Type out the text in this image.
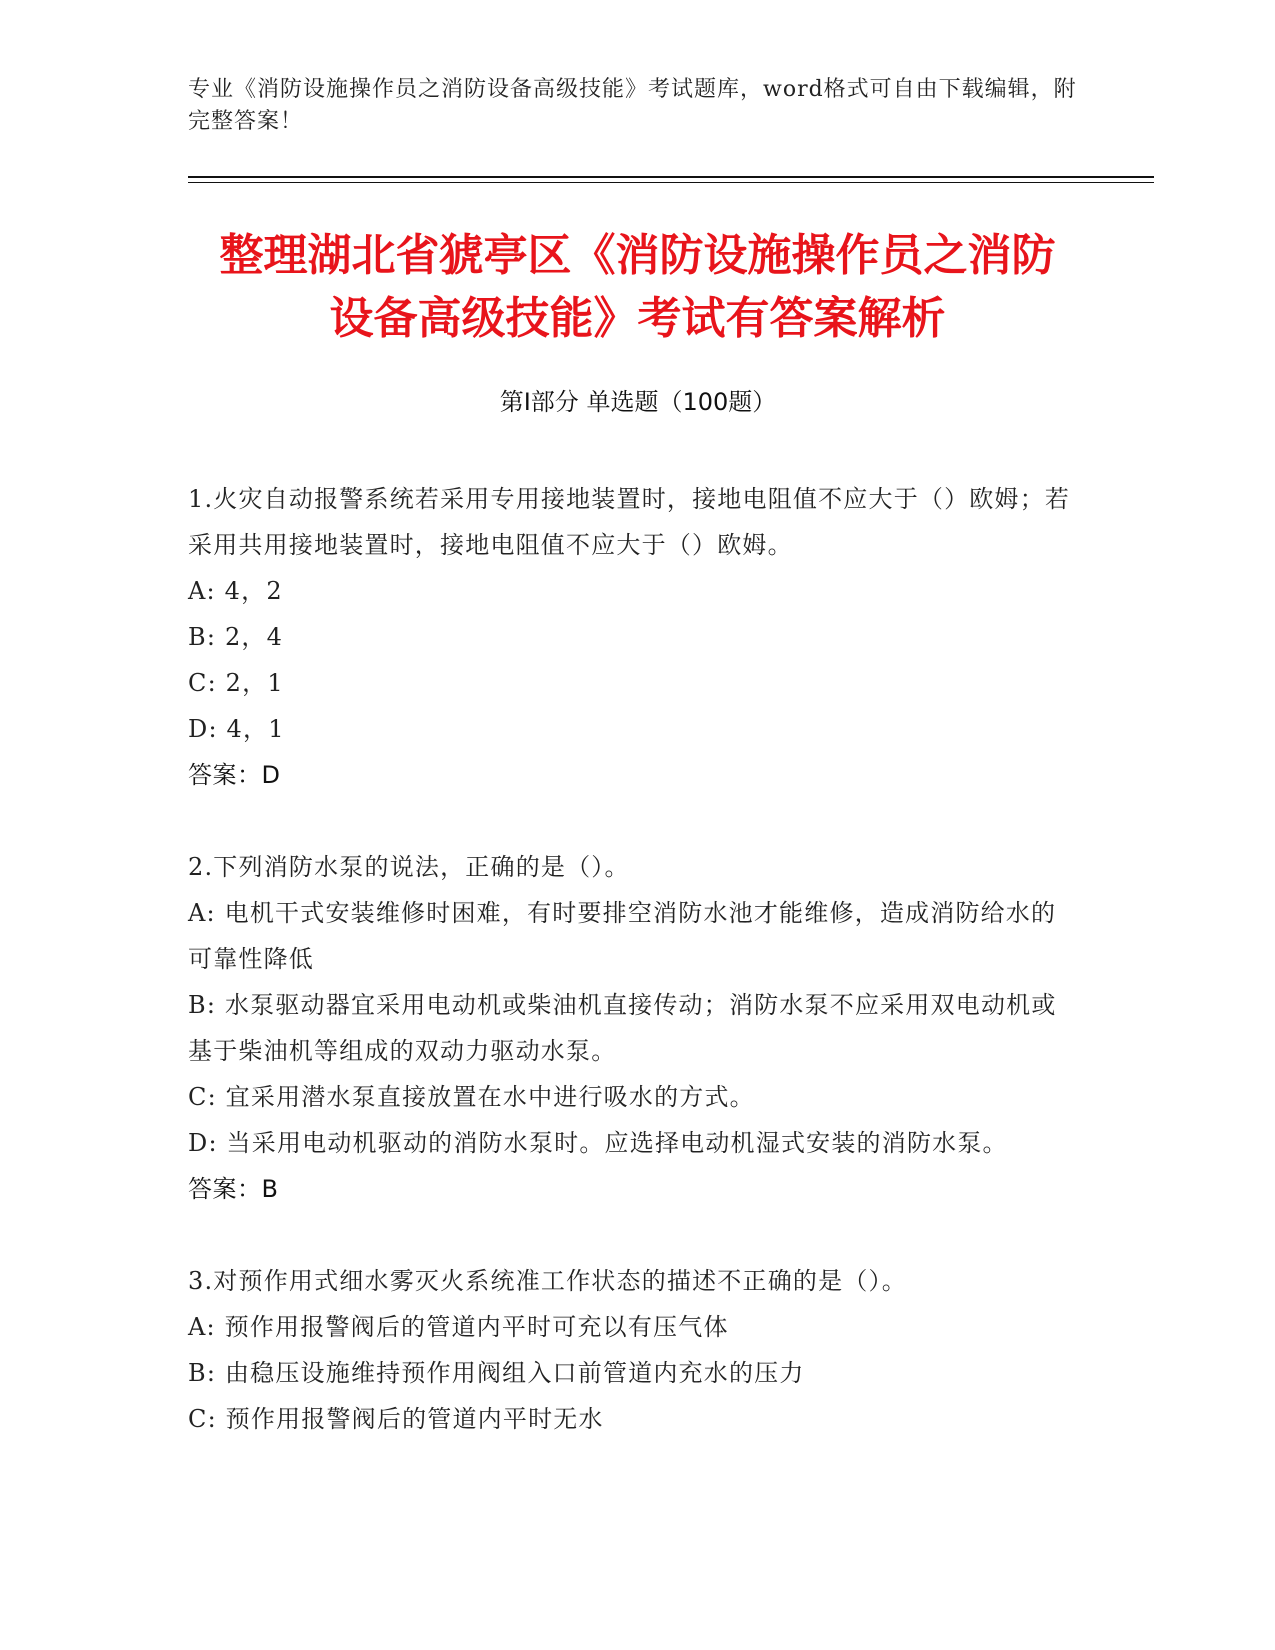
专业《消防设施操作员之消防设备高级技能》考试题库，word格式可自由下载编辑，附完整答案！
整理湖北省猇亭区《消防设施操作员之消防
设备高级技能》考试有答案解析
第Ⅰ部分 单选题（100题）

1.火灾自动报警系统若采用专用接地装置时，接地电阻值不应大于（）欧姆；若采用共用接地装置时，接地电阻值不应大于（）欧姆。

A: 4，2

B: 2，4

C: 2，1

D: 4，1

答案：D

2.下列消防水泵的说法，正确的是（）。

A: 电机干式安装维修时困难，有时要排空消防水池才能维修，造成消防给水的可靠性降低

B: 水泵驱动器宜采用电动机或柴油机直接传动；消防水泵不应采用双电动机或基于柴油机等组成的双动力驱动水泵。

C: 宜采用潜水泵直接放置在水中进行吸水的方式。

D: 当采用电动机驱动的消防水泵时。应选择电动机湿式安装的消防水泵。

答案：B

3.对预作用式细水雾灭火系统准工作状态的描述不正确的是（）。

A: 预作用报警阀后的管道内平时可充以有压气体

B: 由稳压设施维持预作用阀组入口前管道内充水的压力

C: 预作用报警阀后的管道内平时无水
